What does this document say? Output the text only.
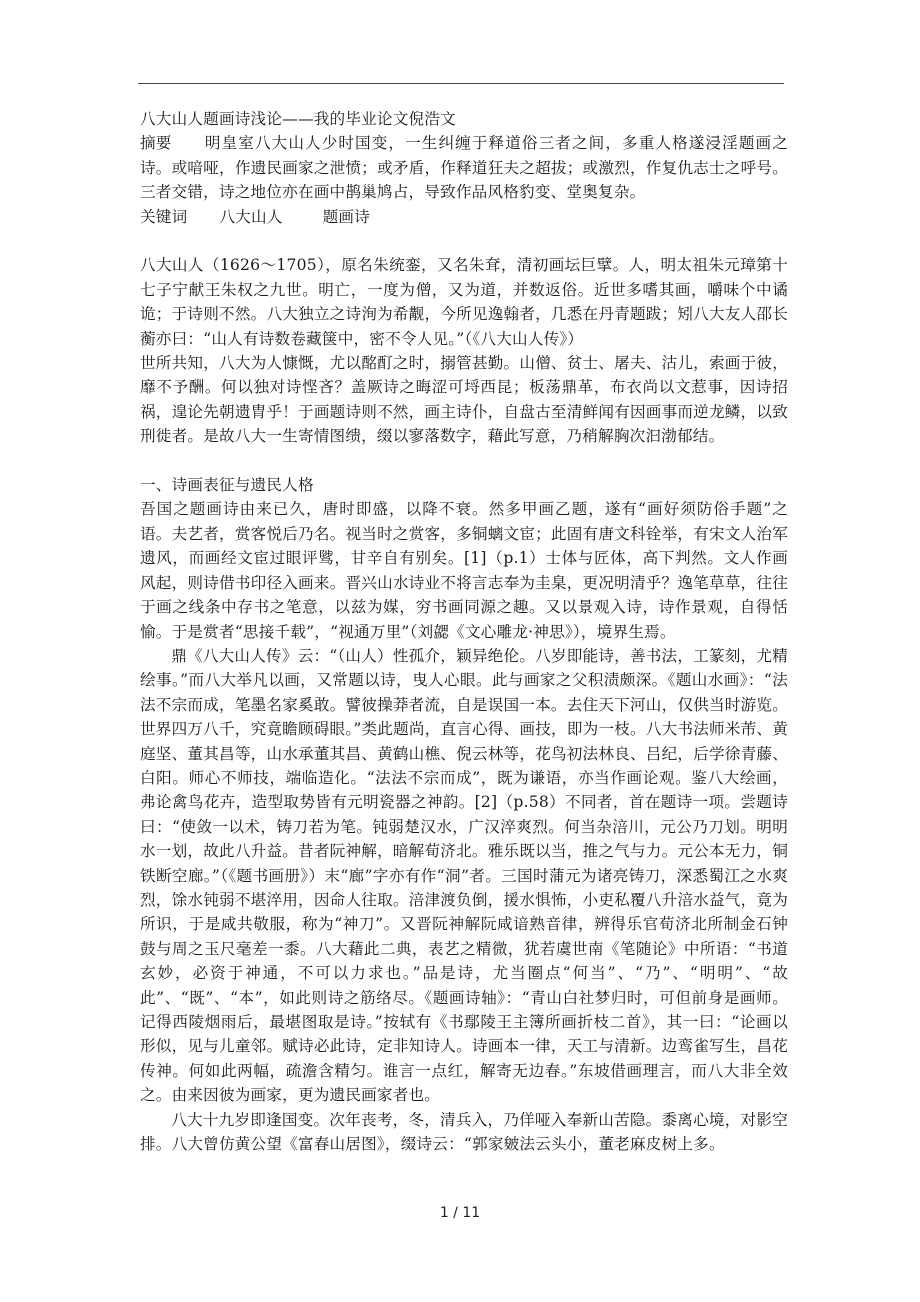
八大山人题画诗浅论——我的毕业论文倪浩文

摘要 明皇室八大山人少时国变，一生纠缠于释道俗三者之间，多重人格遂浸淫题画之诗。或喑哑，作遗民画家之泄愤；或矛盾，作释道狂夫之超拔；或激烈，作复仇志士之呼号。三者交错，诗之地位亦在画中鹊巢鸠占，导致作品风格豹变、堂奥复杂。

关键词 八大山人	题画诗

八大山人（1626～1705），原名朱统銮，又名朱耷，清初画坛巨擘。人，明太祖朱元璋第十七子宁献王朱权之九世。明亡，一度为僧，又为道，并数返俗。近世多嗜其画，嚼味个中谲诡；于诗则不然。八大独立之诗洵为希觏，今所见逸翰者，几悉在丹青题跋；矧八大友人邵长蘅亦曰：“山人有诗数卷藏箧中，密不令人见。”（《八大山人传》）

世所共知，八大为人慷慨，尤以酩酊之时，搦管甚勤。山僧、贫士、屠夫、沽儿，索画于彼，靡不予酬。何以独对诗悭吝？盖厥诗之晦涩可埒西昆；板荡鼎革，布衣尚以文惹事，因诗招祸，遑论先朝遗胄乎！于画题诗则不然，画主诗仆，自盘古至清鲜闻有因画事而逆龙鳞，以致刑徙者。是故八大一生寄情图缋，缀以寥落数字，藉此写意，乃稍解胸次汩渤郁结。

一、诗画表征与遗民人格

吾国之题画诗由来已久，唐时即盛，以降不衰。然多甲画乙题，遂有“画好须防俗手题”之语。夫艺者，赏客悦后乃名。视当时之赏客，多铜螭文宦；此固有唐文科铨举，有宋文人治军遗风，而画经文宦过眼评骘，甘辛自有别矣。[1]（p.1）士体与匠体，高下判然。文人作画风起，则诗借书印径入画来。晋兴山水诗业不将言志奉为圭臬，更况明清乎？逸笔草草，往往于画之线条中存书之笔意，以兹为媒，穷书画同源之趣。又以景观入诗，诗作景观，自得恬愉。于是赏者“思接千载”，“视通万里”（刘勰《文心雕龙·神思》），境界生焉。

鼎《八大山人传》云：“（山人）性孤介，颖异绝伦。八岁即能诗，善书法，工篆刻，尤精绘事。”而八大举凡以画，又常题以诗，曳人心眼。此与画家之父积渍颇深。《题山水画》：“法法不宗而成，笔墨名家奚敢。譬彼操莽者流，自是误国一本。去住天下河山，仅供当时游览。世界四万八千，究竟瞻顾碍眼。”类此题尚，直言心得、画技，即为一枝。八大书法师米芾、黄庭坚、董其昌等，山水承董其昌、黄鹤山樵、倪云林等，花鸟初法林良、吕纪，后学徐青藤、白阳。师心不师技，端临造化。“法法不宗而成”，既为谦语，亦当作画论观。鉴八大绘画，弗论禽鸟花卉，造型取势皆有元明瓷器之神韵。[2]（p.58）不同者，首在题诗一项。尝题诗曰：“使敛一以术，铸刀若为笔。钝弱楚汉水，广汉淬爽烈。何当杂涪川，元公乃刀划。明明水一划，故此八升益。昔者阮神解，暗解荀济北。雅乐既以当，推之气与力。元公本无力，铜铁断空廊。”（《题书画册》）末“廊”字亦有作“洞”者。三国时蒲元为诸亮铸刀，深悉蜀江之水爽烈，馀水钝弱不堪淬用，因命人往取。涪津渡负倒，援水惧怖，小吏私覆八升涪水益气，竟为所识，于是咸共敬服，称为“神刀”。又晋阮神解阮咸谙熟音律，辨得乐官荀济北所制金石钟鼓与周之玉尺毫差一黍。八大藉此二典，表艺之精微，犹若虞世南《笔随论》中所语：“书道玄妙，必资于神通，不可以力求也。”品是诗，尤当圈点“何当”、“乃”、“明明”、“故此”、“既”、“本”，如此则诗之筋络尽。《题画诗轴》：“青山白社梦归时，可但前身是画师。记得西陵烟雨后，最堪图取是诗。”按轼有《书鄢陵王主簿所画折枝二首》，其一曰：“论画以形似，见与儿童邻。赋诗必此诗，定非知诗人。诗画本一律，天工与清新。边鸾雀写生，昌花传神。何如此两幅，疏澹含精匀。谁言一点红，解寄无边春。”东坡借画理言，而八大非全效之。由来因彼为画家，更为遗民画家者也。

八大十九岁即逢国变。次年丧考，冬，清兵入，乃佯哑入奉新山苦隐。黍离心境，对影空排。八大曾仿黄公望《富春山居图》，缀诗云：“郭家皴法云头小，董老麻皮树上多。

1 / 11
